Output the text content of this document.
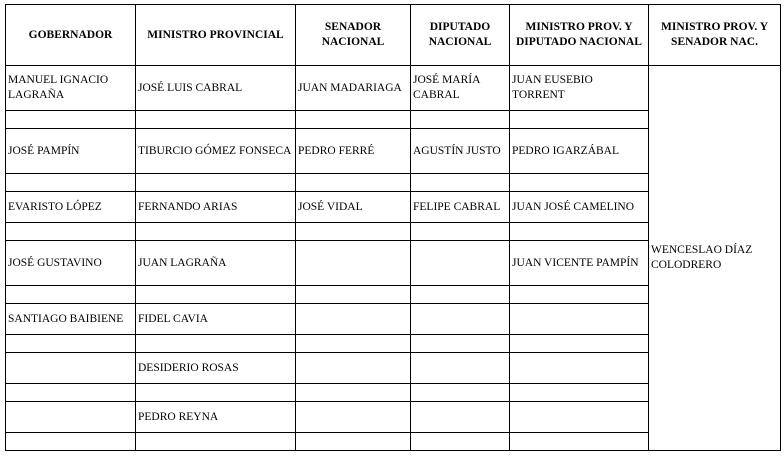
GOBERNADOR	MINISTRO PROVINCIAL	SENADOR NACIONAL	DIPUTADO NACIONAL	MINISTRO PROV. Y DIPUTADO NACIONAL	MINISTRO PROV. Y SENADOR NAC.
MANUEL IGNACIO LAGRAÑA	JOSÉ LUIS CABRAL	JUAN MADARIAGA	JOSÉ MARÍA CABRAL	JUAN EUSEBIO TORRENT	WENCESLAO DÍAZ COLODRERO

JOSÉ PAMPÍN	TIBURCIO GÓMEZ FONSECA	PEDRO FERRÉ	AGUSTÍN JUSTO	PEDRO IGARZÁBAL	

EVARISTO LÓPEZ	FERNANDO ARIAS	JOSÉ VIDAL	FELIPE CABRAL	JUAN JOSÉ CAMELINO	

JOSÉ GUSTAVINO	JUAN LAGRAÑA			JUAN VICENTE PAMPÍN	

SANTIAGO BAIBIENE	FIDEL CAVIA				

	DESIDERIO ROSAS				

	PEDRO REYNA				
